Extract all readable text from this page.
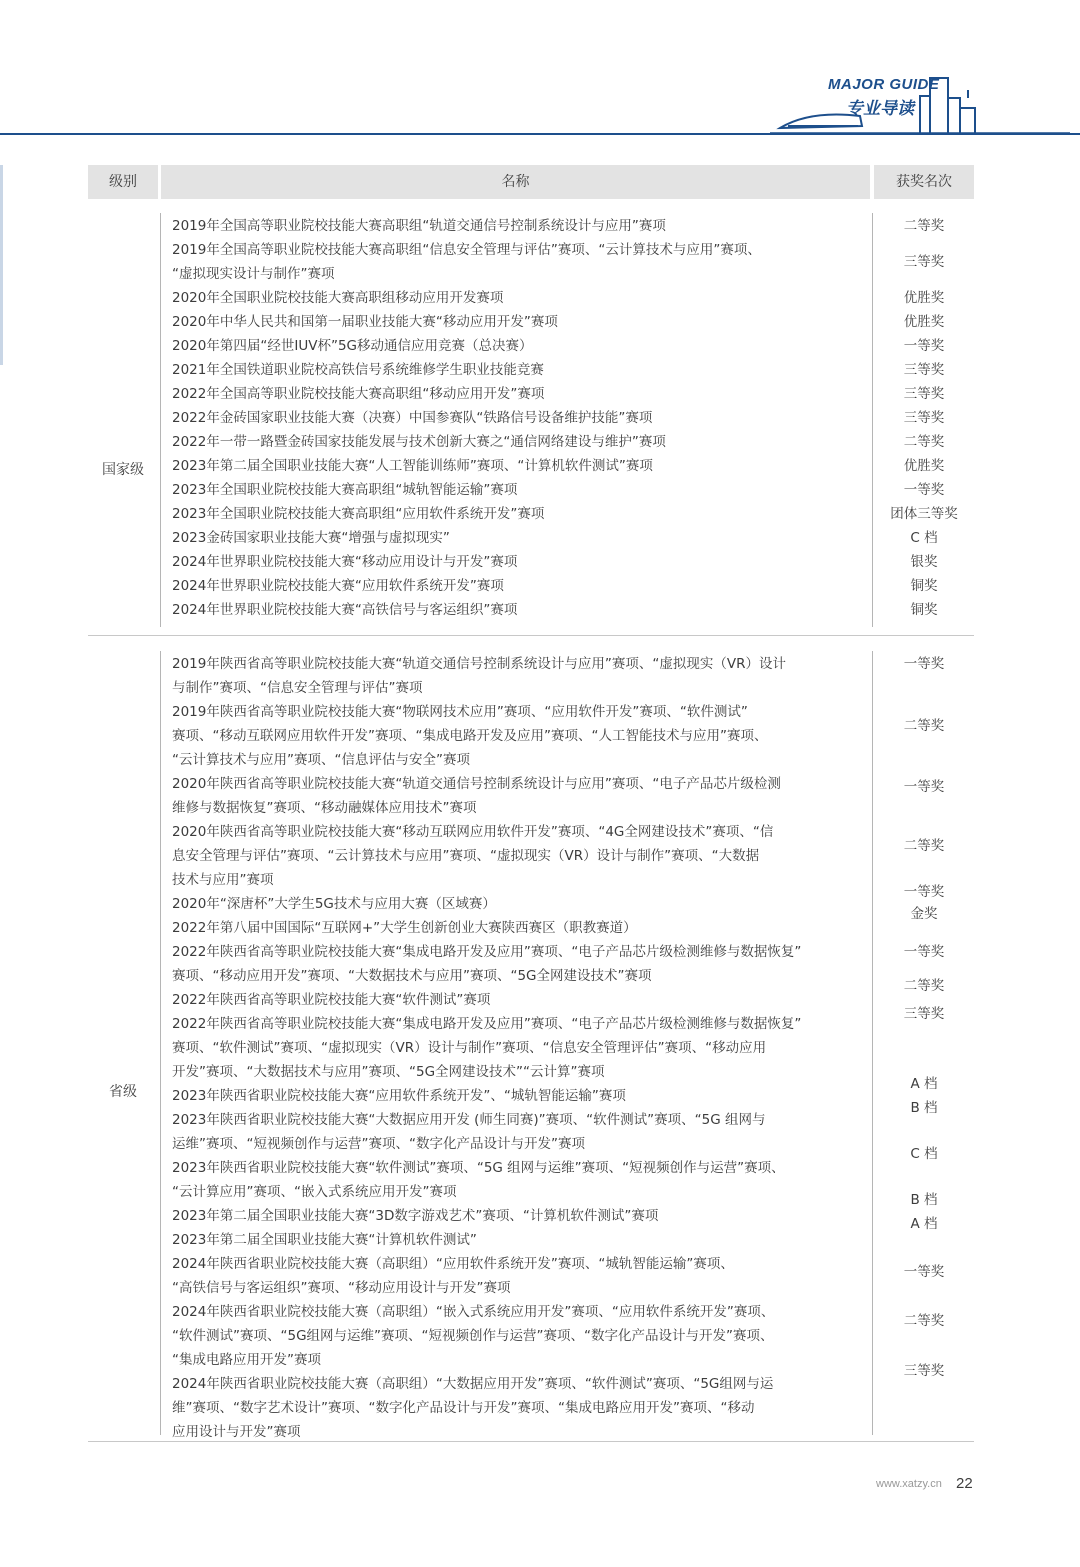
MAJOR GUIDE
专业导读
级别	名称	获奖名次
国家级
2019年全国高等职业院校技能大赛高职组“轨道交通信号控制系统设计与应用”赛项
2019年全国高等职业院校技能大赛高职组“信息安全管理与评估”赛项、“云计算技术与应用”赛项、
“虚拟现实设计与制作”赛项
2020年全国职业院校技能大赛高职组移动应用开发赛项
2020年中华人民共和国第一届职业技能大赛“移动应用开发”赛项
2020年第四届“经世IUV杯”5G移动通信应用竞赛（总决赛）
2021年全国铁道职业院校高铁信号系统维修学生职业技能竞赛
2022年全国高等职业院校技能大赛高职组“移动应用开发”赛项
2022年金砖国家职业技能大赛（决赛）中国参赛队“铁路信号设备维护技能”赛项
2022年一带一路暨金砖国家技能发展与技术创新大赛之“通信网络建设与维护”赛项
2023年第二届全国职业技能大赛“人工智能训练师”赛项、“计算机软件测试”赛项
2023年全国职业院校技能大赛高职组“城轨智能运输”赛项
2023年全国职业院校技能大赛高职组“应用软件系统开发”赛项
2023金砖国家职业技能大赛“增强与虚拟现实”
2024年世界职业院校技能大赛“移动应用设计与开发”赛项
2024年世界职业院校技能大赛“应用软件系统开发”赛项
2024年世界职业院校技能大赛“高铁信号与客运组织”赛项
二等奖
三等奖
优胜奖
优胜奖
一等奖
三等奖
三等奖
三等奖
二等奖
优胜奖
一等奖
团体三等奖
C 档
银奖
铜奖
铜奖
省级
2019年陕西省高等职业院校技能大赛“轨道交通信号控制系统设计与应用”赛项、“虚拟现实（VR）设计
与制作”赛项、“信息安全管理与评估”赛项
2019年陕西省高等职业院校技能大赛“物联网技术应用”赛项、“应用软件开发”赛项、“软件测试”
赛项、“移动互联网应用软件开发”赛项、“集成电路开发及应用”赛项、“人工智能技术与应用”赛项、
“云计算技术与应用”赛项、“信息评估与安全”赛项
2020年陕西省高等职业院校技能大赛“轨道交通信号控制系统设计与应用”赛项、“电子产品芯片级检测
维修与数据恢复”赛项、“移动融媒体应用技术”赛项
2020年陕西省高等职业院校技能大赛“移动互联网应用软件开发”赛项、“4G全网建设技术”赛项、“信
息安全管理与评估”赛项、“云计算技术与应用”赛项、“虚拟现实（VR）设计与制作”赛项、“大数据
技术与应用”赛项
2020年“深唐杯”大学生5G技术与应用大赛（区域赛）
2022年第八届中国国际“互联网+”大学生创新创业大赛陕西赛区（职教赛道）
2022年陕西省高等职业院校技能大赛“集成电路开发及应用”赛项、“电子产品芯片级检测维修与数据恢复”
赛项、“移动应用开发”赛项、“大数据技术与应用”赛项、“5G全网建设技术”赛项
2022年陕西省高等职业院校技能大赛“软件测试”赛项
2022年陕西省高等职业院校技能大赛“集成电路开发及应用”赛项、“电子产品芯片级检测维修与数据恢复”
赛项、“软件测试”赛项、“虚拟现实（VR）设计与制作”赛项、“信息安全管理评估”赛项、“移动应用
开发”赛项、“大数据技术与应用”赛项、“5G全网建设技术”“云计算”赛项
2023年陕西省职业院校技能大赛“应用软件系统开发”、“城轨智能运输”赛项
2023年陕西省职业院校技能大赛“大数据应用开发 (师生同赛)”赛项、“软件测试”赛项、“5G 组网与
运维”赛项、“短视频创作与运营”赛项、“数字化产品设计与开发”赛项
2023年陕西省职业院校技能大赛“软件测试”赛项、“5G 组网与运维”赛项、“短视频创作与运营”赛项、
“云计算应用”赛项、“嵌入式系统应用开发”赛项
2023年第二届全国职业技能大赛“3D数字游戏艺术”赛项、“计算机软件测试”赛项
2023年第二届全国职业技能大赛“计算机软件测试”
2024年陕西省职业院校技能大赛（高职组）“应用软件系统开发”赛项、“城轨智能运输”赛项、
“高铁信号与客运组织”赛项、“移动应用设计与开发”赛项
2024年陕西省职业院校技能大赛（高职组）“嵌入式系统应用开发”赛项、“应用软件系统开发”赛项、
“软件测试”赛项、“5G组网与运维”赛项、“短视频创作与运营”赛项、“数字化产品设计与开发”赛项、
“集成电路应用开发”赛项
2024年陕西省职业院校技能大赛（高职组）“大数据应用开发”赛项、“软件测试”赛项、“5G组网与运
维”赛项、“数字艺术设计”赛项、“数字化产品设计与开发”赛项、“集成电路应用开发”赛项、“移动
应用设计与开发”赛项
一等奖
二等奖
一等奖
二等奖
一等奖
金奖
一等奖
二等奖
三等奖
A 档
B 档
C 档
B 档
A 档
一等奖
二等奖
三等奖
www.xatzy.cn 22
